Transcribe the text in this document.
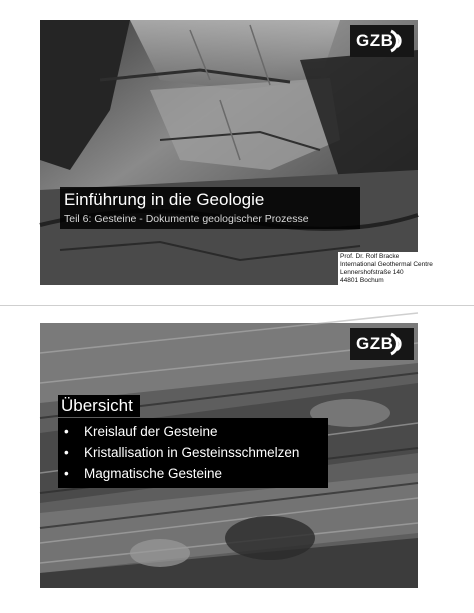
GZB
Einführung in die Geologie
Teil 6: Gesteine - Dokumente geologischer Prozesse
Prof. Dr. Rolf Bracke
International Geothermal Centre
Lennershofstraße 140
44801 Bochum
GZB
Übersicht
• Kreislauf der Gesteine
• Kristallisation in Gesteinsschmelzen
• Magmatische Gesteine
